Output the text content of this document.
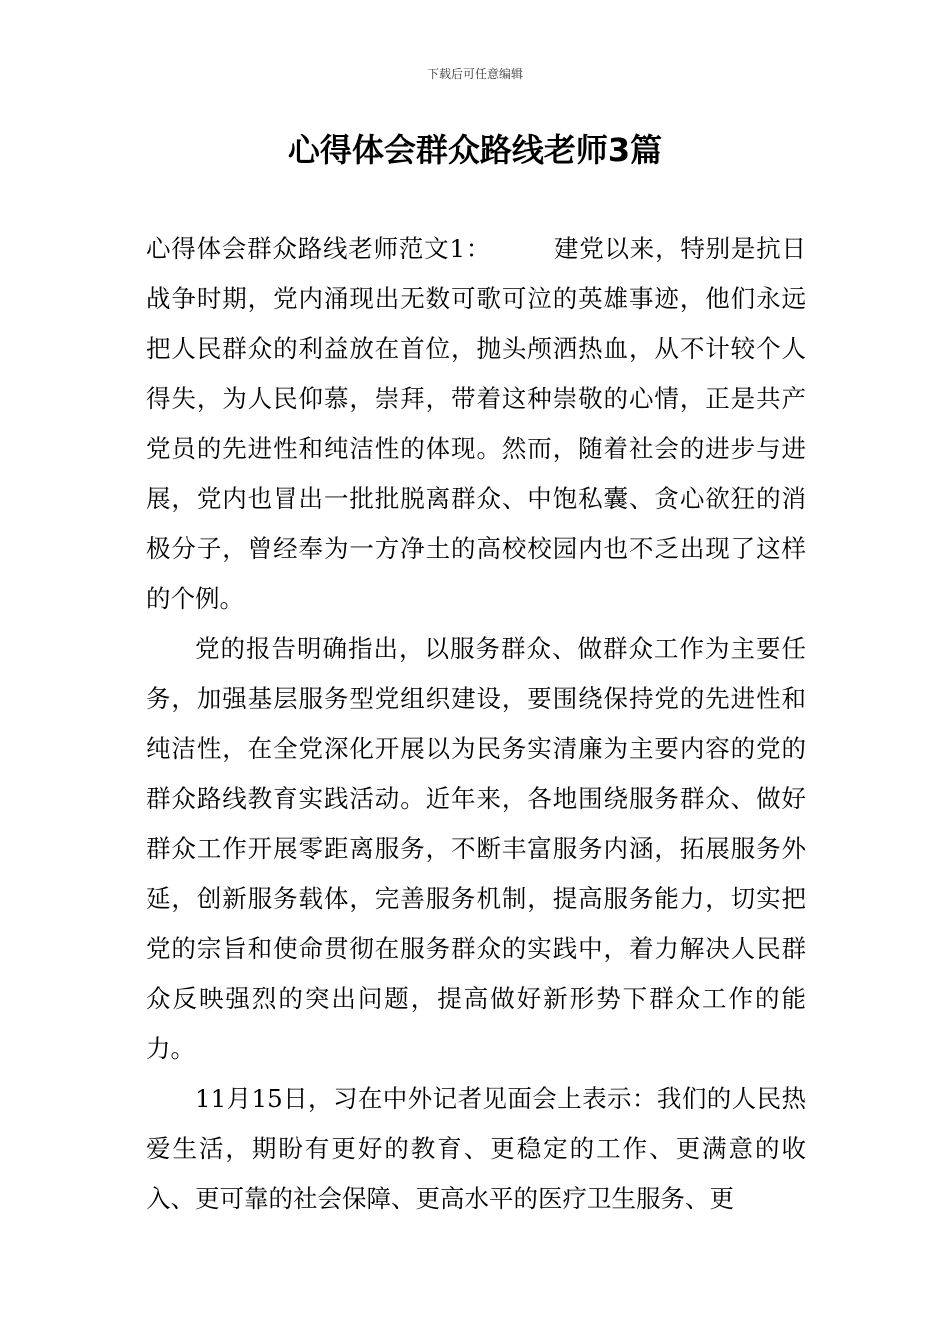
下载后可任意编辑
心得体会群众路线老师3篇

心得体会群众路线老师范文1：	建党以来，特别是抗日战争时期，党内涌现出无数可歌可泣的英雄事迹，他们永远把人民群众的利益放在首位，抛头颅洒热血，从不计较个人得失，为人民仰慕，崇拜，带着这种崇敬的心情，正是共产党员的先进性和纯洁性的体现。然而，随着社会的进步与进展，党内也冒出一批批脱离群众、中饱私囊、贪心欲狂的消极分子，曾经奉为一方净土的高校校园内也不乏出现了这样的个例。

党的报告明确指出，以服务群众、做群众工作为主要任务，加强基层服务型党组织建设，要围绕保持党的先进性和纯洁性，在全党深化开展以为民务实清廉为主要内容的党的群众路线教育实践活动。近年来，各地围绕服务群众、做好群众工作开展零距离服务，不断丰富服务内涵，拓展服务外延，创新服务载体，完善服务机制，提高服务能力，切实把党的宗旨和使命贯彻在服务群众的实践中，着力解决人民群众反映强烈的突出问题，提高做好新形势下群众工作的能力。

11月15日，习在中外记者见面会上表示：我们的人民热爱生活，期盼有更好的教育、更稳定的工作、更满意的收入、更可靠的社会保障、更高水平的医疗卫生服务、更
